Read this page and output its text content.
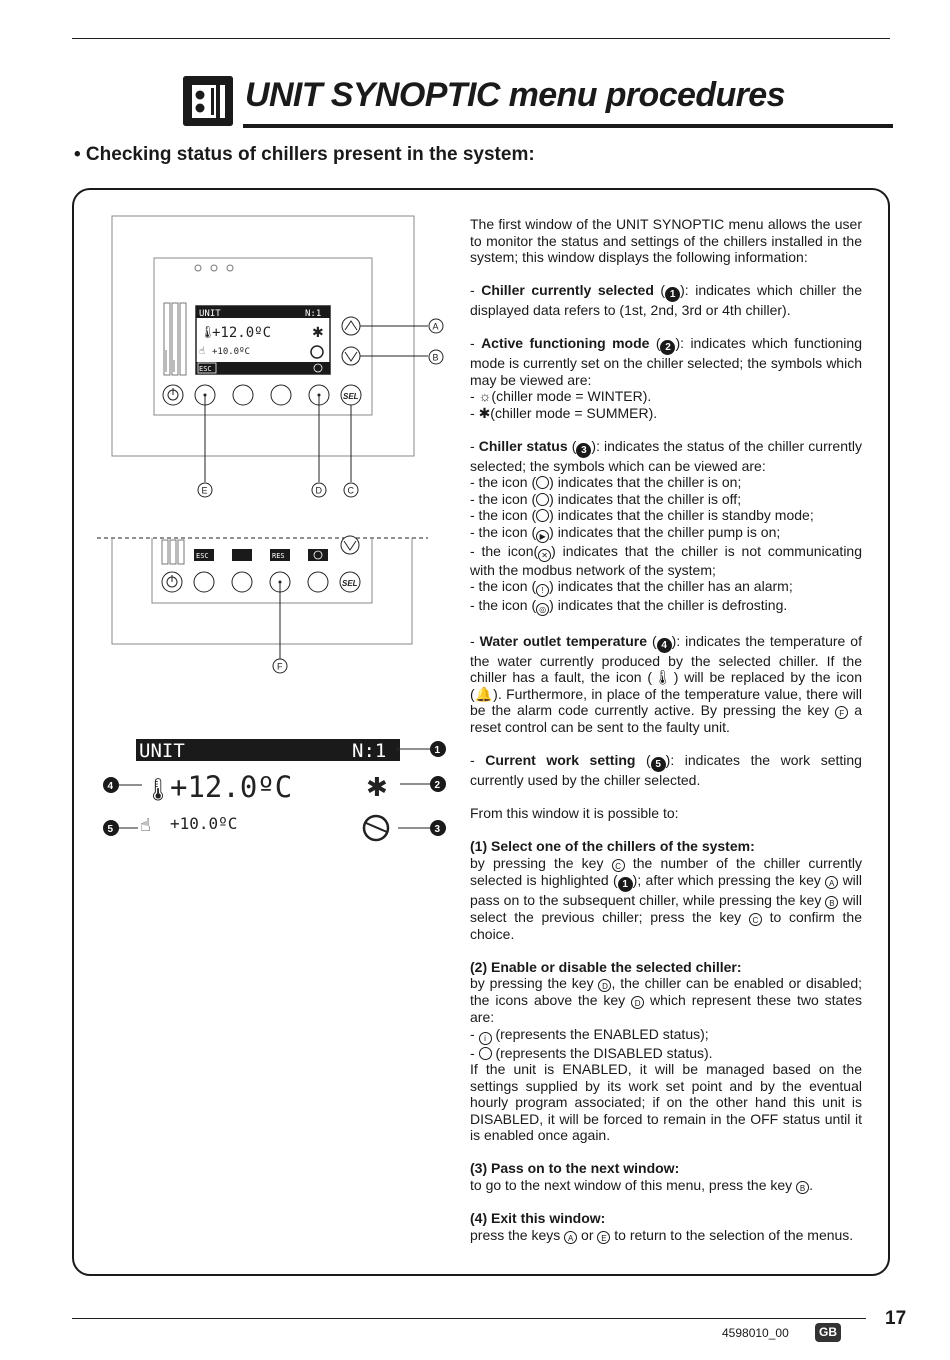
UNIT SYNOPTIC menu procedures
• Checking status of chillers present in the system:
UNIT	N:1
🌡
+12.0ºC	✱
+10.0ºC
☝
ESC
SEL
A
B
E	D	C
ESC	RES
SEL
F
UNIT	N:1
🌡
+12.0ºC	✱
☝ +10.0ºC
1
2
3
4
5

The first window of the UNIT SYNOPTIC menu allows the user to monitor the status and settings of the chillers installed in the system; this window displays the following information:

- Chiller currently selected ( 1 ): indicates which chiller the displayed data refers to (1st, 2nd, 3rd or 4th chiller).

- Active functioning mode ( 2 ): indicates which functioning mode is currently set on the chiller selected; the symbols which may be viewed are:
- ☼(chiller mode = WINTER).
- ✱(chiller mode = SUMMER).

- Chiller status ( 3 ): indicates the status of the chiller currently selected; the symbols which can be viewed are:
- the icon ( ) indicates that the chiller is on;
- the icon ( ) indicates that the chiller is off;
- the icon ( ) indicates that the chiller is standby mode;
- the icon ( ▶ ) indicates that the chiller pump is on;
- the icon( ✕ ) indicates that the chiller is not communicating with the modbus network of the system;
- the icon ( ! ) indicates that the chiller has an alarm;
- the icon ( ◎ ) indicates that the chiller is defrosting.

- Water outlet temperature ( 4 ): indicates the temperature of the water currently produced by the selected chiller. If the chiller has a fault, the icon (🌡) will be replaced by the icon (🔔). Furthermore, in place of the temperature value, there will be the alarm code currently active. By pressing the key F a reset control can be sent to the faulty unit.

- Current work setting ( 5 ): indicates the work setting currently used by the chiller selected.

From this window it is possible to:

(1) Select one of the chillers of the system:
by pressing the key C the number of the chiller currently selected is highlighted ( 1 ); after which pressing the key A will pass on to the subsequent chiller, while pressing the key B will select the previous chiller; press the key C to confirm the choice.

(2) Enable or disable the selected chiller:
by pressing the key D , the chiller can be enabled or disabled; the icons above the key D which represent these two states are:
- i (represents the ENABLED status);
-  (represents the DISABLED status).
If the unit is ENABLED, it will be managed based on the settings supplied by its work set point and by the eventual hourly program associated; if on the other hand this unit is DISABLED, it will be forced to remain in the OFF status until it is enabled once again.

(3) Pass on to the next window:
to go to the next window of this menu, press the key B .

(4) Exit this window:
press the keys A or E to return to the selection of the menus.

17
4598010_00	GB
